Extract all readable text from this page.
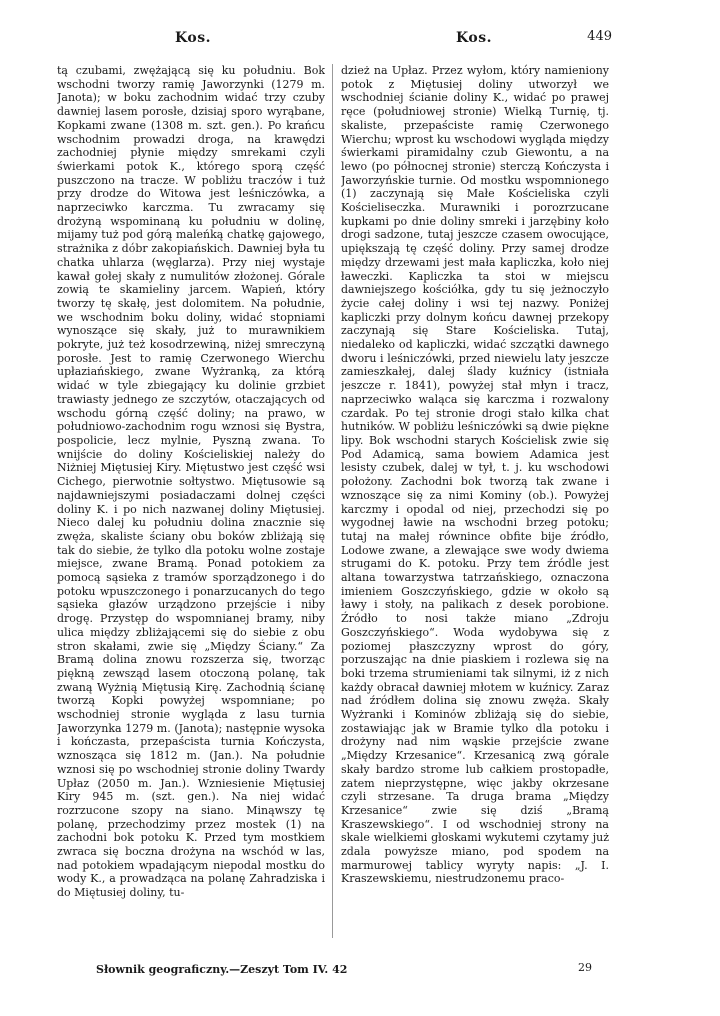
Kos.	Kos.	449

tą czubami, zwężającą się ku południu. Bok wschodni tworzy ramię Jaworzynki (1279 m. Janota); w boku zachodnim widać trzy czuby dawniej lasem porosłe, dzisiaj sporo wyrąbane, Kopkami zwane (1308 m. szt. gen.). Po krańcu wschodnim prowadzi droga, na krawędzi zachodniej płynie między smrekami czyli świerkami potok K., którego sporą część puszczono na tracze. W pobliżu traczów i tuż przy drodze do Witowa jest leśniczówka, a naprzeciwko karczma. Tu zwracamy się drożyną wspominaną ku południu w dolinę, mijamy tuż pod górą maleńką chatkę gajowego, strażnika z dóbr zakopiańskich. Dawniej była tu chatka uhlarza (węglarza). Przy niej wystaje kawał gołej skały z numulitów złożonej. Górale zowią te skamieliny jarcem. Wapień, który tworzy tę skałę, jest dolomitem. Na południe, we wschodnim boku doliny, widać stopniami wynoszące się skały, już to murawnikiem pokryte, już też kosodrzewiną, niżej smreczyną porosłe. Jest to ramię Czerwonego Wierchu upłaziańskiego, zwane Wyżranką, za którą widać w tyle zbiegający ku dolinie grzbiet trawiasty jednego ze szczytów, otaczających od wschodu górną część doliny; na prawo, w południowo-zachodnim rogu wznosi się Bystra, pospolicie, lecz mylnie, Pyszną zwana. To wnijście do doliny Kościeliskiej należy do Niżniej Miętusiej Kiry. Miętustwo jest część wsi Cichego, pierwotnie sołtystwo. Miętusowie są najdawniejszymi posiadaczami dolnej części doliny K. i po nich nazwanej doliny Miętusiej. Nieco dalej ku południu dolina znacznie się zwęża, skaliste ściany obu boków zbliżają się tak do siebie, że tylko dla potoku wolne zostaje miejsce, zwane Bramą. Ponad potokiem za pomocą sąsieka z tramów sporządzonego i do potoku wpuszczonego i ponarzucanych do tego sąsieka głazów urządzono przejście i niby drogę. Przystęp do wspomnianej bramy, niby ulica między zbliżającemi się do siebie z obu stron skałami, zwie się „Między Ściany.“ Za Bramą dolina znowu rozszerza się, tworząc piękną zewsząd lasem otoczoną polanę, tak zwaną Wyżnią Miętusią Kirę. Zachodnią ścianę tworzą Kopki powyżej wspomniane; po wschodniej stronie wygląda z lasu turnia Jaworzynka 1279 m. (Janota); następnie wysoka i kończasta, przepaścista turnia Kończysta, wznosząca się 1812 m. (Jan.). Na południe wznosi się po wschodniej stronie doliny Twardy Upłaz (2050 m. Jan.). Wzniesienie Miętusiej Kiry 945 m. (szt. gen.). Na niej widać rozrzucone szopy na siano. Minąwszy tę polanę, przechodzimy przez mostek (1) na zachodni bok potoku K. Przed tym mostkiem zwraca się boczna drożyna na wschód w las, nad potokiem wpadającym niepodal mostku do wody K., a prowadząca na polanę Zahradziska i do Miętusiej doliny, tu-

dzież na Upłaz. Przez wyłom, który namieniony potok z Miętusiej doliny utworzył we wschodniej ścianie doliny K., widać po prawej ręce (południowej stronie) Wielką Turnię, tj. skaliste, przepaściste ramię Czerwonego Wierchu; wprost ku wschodowi wygląda między świerkami piramidalny czub Giewontu, a na lewo (po północnej stronie) sterczą Kończysta i Jaworzyńskie turnie. Od mostku wspomnionego (1) zaczynają się Małe Kościeliska czyli Kościeliseczka. Murawniki i porozrzucane kupkami po dnie doliny smreki i jarzębiny koło drogi sadzone, tutaj jeszcze czasem owocujące, upiększają tę część doliny. Przy samej drodze między drzewami jest mała kapliczka, koło niej ławeczki. Kapliczka ta stoi w miejscu dawniejszego kościółka, gdy tu się jeżnoczyło życie całej doliny i wsi tej nazwy. Poniżej kapliczki przy dolnym końcu dawnej przekopy zaczynają się Stare Kościeliska. Tutaj, niedaleko od kapliczki, widać szczątki dawnego dworu i leśniczówki, przed niewielu laty jeszcze zamieszkałej, dalej ślady kuźnicy (istniała jeszcze r. 1841), powyżej stał młyn i tracz, naprzeciwko waląca się karczma i rozwalony czardak. Po tej stronie drogi stało kilka chat hutników. W pobliżu leśniczówki są dwie piękne lipy. Bok wschodni starych Kościelisk zwie się Pod Adamicą, sama bowiem Adamica jest lesisty czubek, dalej w tył, t. j. ku wschodowi położony. Zachodni bok tworzą tak zwane i wznoszące się za nimi Kominy (ob.). Powyżej karczmy i opodal od niej, przechodzi się po wygodnej ławie na wschodni brzeg potoku; tutaj na małej równince obfite bije źródło, Lodowe zwane, a zlewające swe wody dwiema strugami do K. potoku. Przy tem źródle jest altana towarzystwa tatrzańskiego, oznaczona imieniem Goszczyńskiego, gdzie w około są ławy i stoły, na palikach z desek porobione. Źródło to nosi także miano „Zdroju Goszczyńskiego“. Woda wydobywa się z poziomej płaszczyzny wprost do góry, porzuszając na dnie piaskiem i rozlewa się na boki trzema strumieniami tak silnymi, iż z nich każdy obracał dawniej młotem w kuźnicy. Zaraz nad źródłem dolina się znowu zwęża. Skały Wyżranki i Kominów zbliżają się do siebie, zostawiając jak w Bramie tylko dla potoku i drożyny nad nim wąskie przejście zwane „Między Krzesanice“. Krzesanicą zwą górale skały bardzo strome lub całkiem prostopadłe, zatem nieprzystępne, więc jakby okrzesane czyli strzesane. Ta druga brama „Między Krzesanice“ zwie się dziś „Bramą Kraszewskiego“. I od wschodniej strony na skale wielkiemi głoskami wykutemi czytamy już zdala powyższe miano, pod spodem na marmurowej tablicy wyryty napis: „J. I. Kraszewskiemu, niestrudzonemu praco-

Słownik geograficzny.—Zeszyt Tom IV. 42	29
